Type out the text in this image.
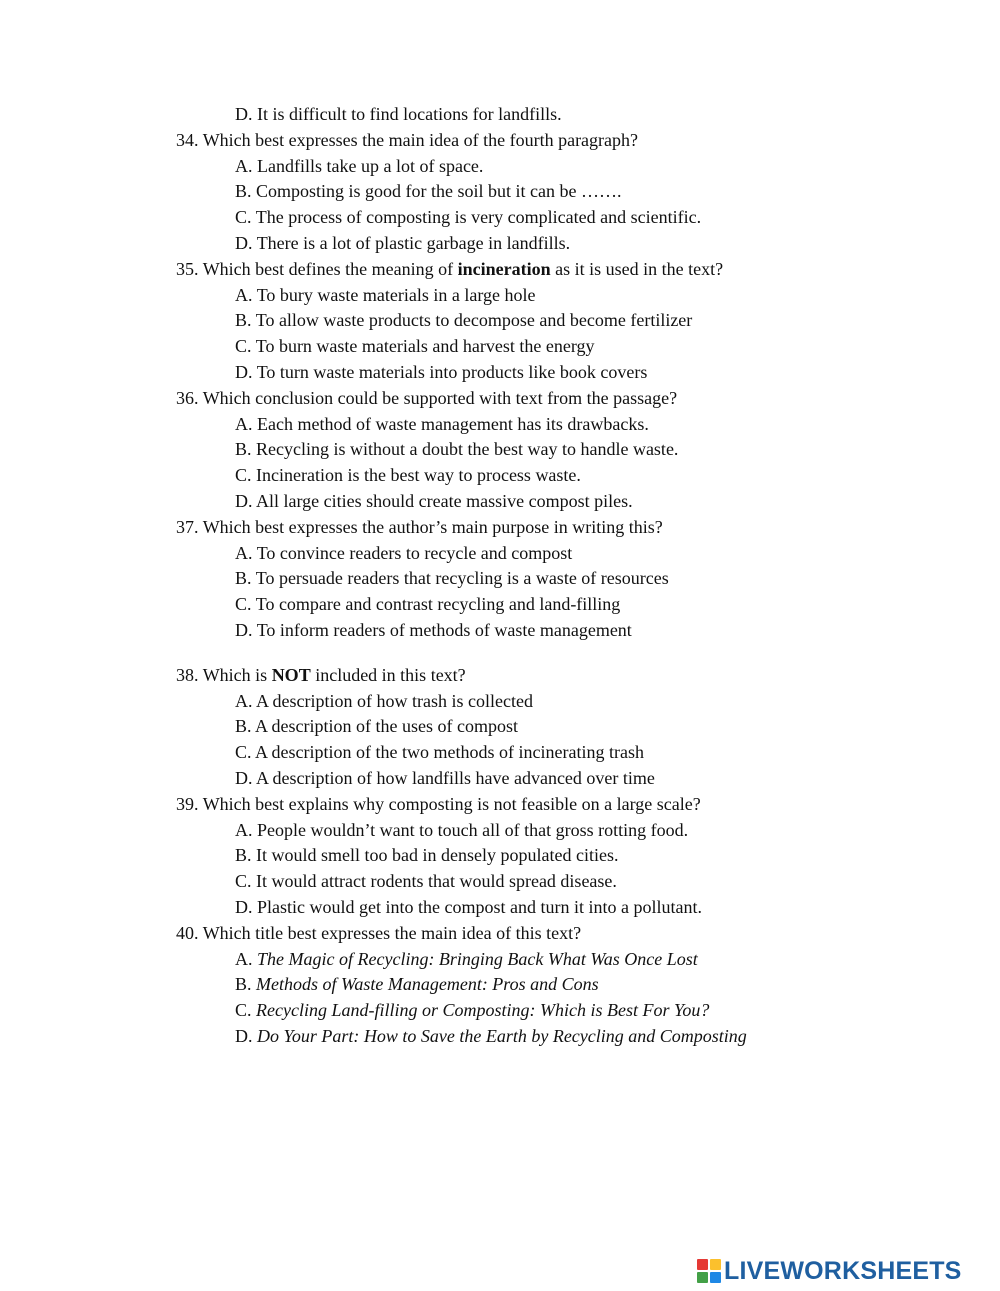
D. It is difficult to find locations for landfills.

34. Which best expresses the main idea of the fourth paragraph?

A. Landfills take up a lot of space.

B. Composting is good for the soil but it can be …….

C. The process of composting is very complicated and scientific.

D. There is a lot of plastic garbage in landfills.

35. Which best defines the meaning of incineration as it is used in the text?

A. To bury waste materials in a large hole

B. To allow waste products to decompose and become fertilizer

C. To burn waste materials and harvest the energy

D. To turn waste materials into products like book covers

36. Which conclusion could be supported with text from the passage?

A. Each method of waste management has its drawbacks.

B. Recycling is without a doubt the best way to handle waste.

C. Incineration is the best way to process waste.

D. All large cities should create massive compost piles.

37. Which best expresses the author’s main purpose in writing this?

A. To convince readers to recycle and compost

B. To persuade readers that recycling is a waste of resources

C. To compare and contrast recycling and land-filling

D. To inform readers of methods of waste management

38. Which is NOT included in this text?

A. A description of how trash is collected

B. A description of the uses of compost

C. A description of the two methods of incinerating trash

D. A description of how landfills have advanced over time

39. Which best explains why composting is not feasible on a large scale?

A. People wouldn’t want to touch all of that gross rotting food.

B. It would smell too bad in densely populated cities.

C. It would attract rodents that would spread disease.

D. Plastic would get into the compost and turn it into a pollutant.

40. Which title best expresses the main idea of this text?

A. The Magic of Recycling: Bringing Back What Was Once Lost

B. Methods of Waste Management: Pros and Cons

C. Recycling Land-filling or Composting: Which is Best For You?

D. Do Your Part: How to Save the Earth by Recycling and Composting

LIVEWORKSHEETS
